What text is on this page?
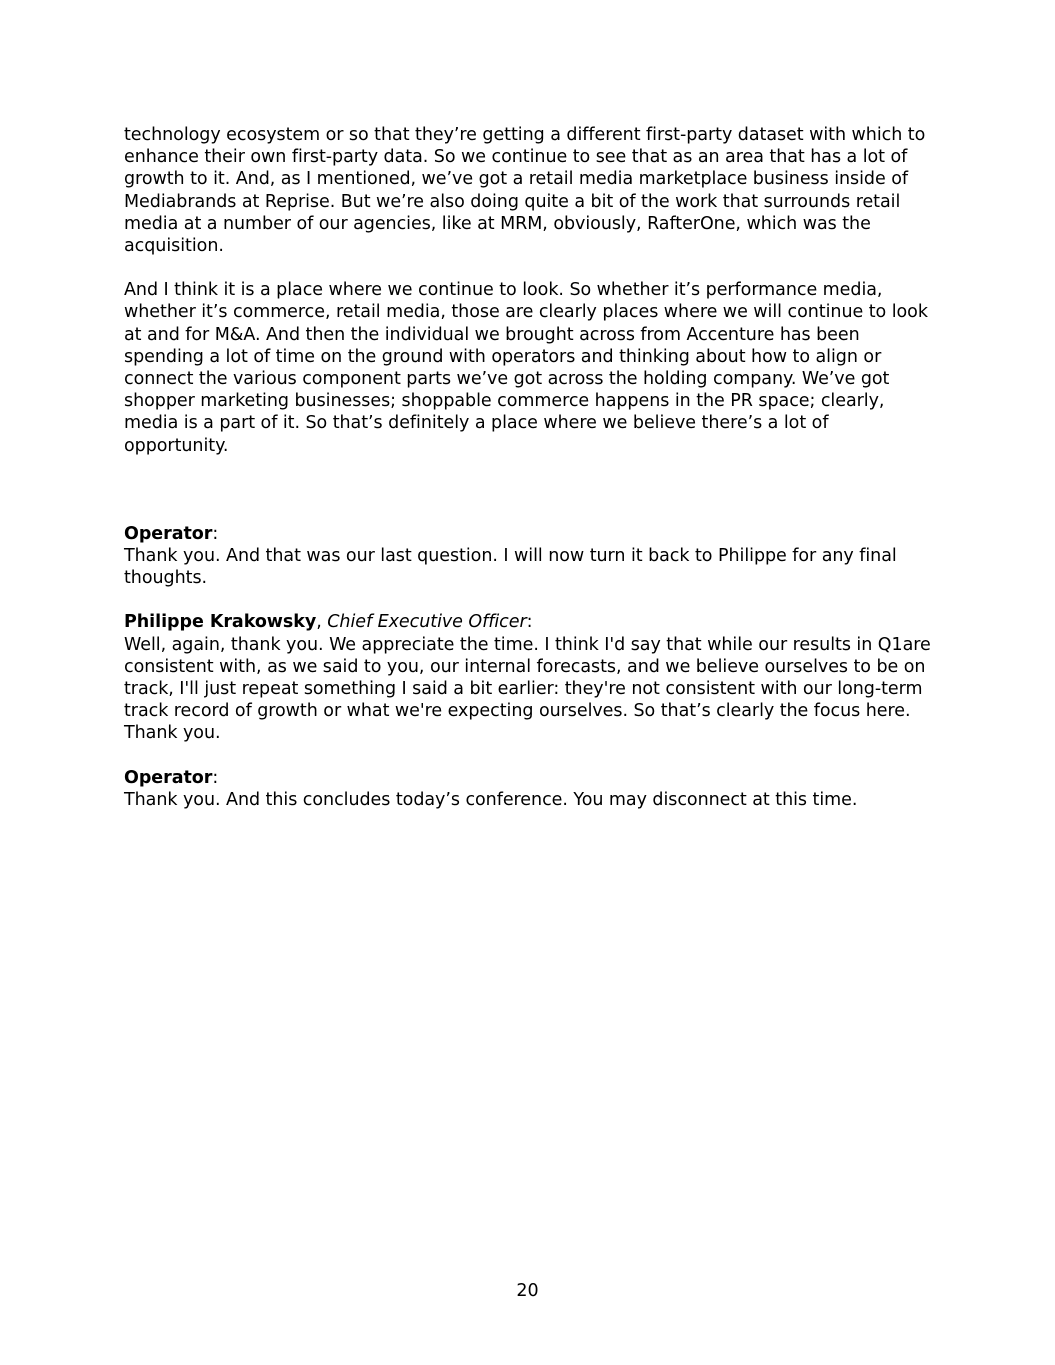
technology ecosystem or so that they’re getting a different first-party dataset with which to enhance their own first-party data. So we continue to see that as an area that has a lot of growth to it. And, as I mentioned, we’ve got a retail media marketplace business inside of Mediabrands at Reprise. But we’re also doing quite a bit of the work that surrounds retail media at a number of our agencies, like at MRM, obviously, RafterOne, which was the acquisition.

And I think it is a place where we continue to look. So whether it’s performance media, whether it’s commerce, retail media, those are clearly places where we will continue to look at and for M&A. And then the individual we brought across from Accenture has been spending a lot of time on the ground with operators and thinking about how to align or connect the various component parts we’ve got across the holding company. We’ve got shopper marketing businesses; shoppable commerce happens in the PR space; clearly, media is a part of it. So that’s definitely a place where we believe there’s a lot of opportunity.

Operator:

Thank you. And that was our last question. I will now turn it back to Philippe for any final thoughts.

Philippe Krakowsky, Chief Executive Officer:

Well, again, thank you. We appreciate the time. I think I'd say that while our results in Q1are consistent with, as we said to you, our internal forecasts, and we believe ourselves to be on track, I'll just repeat something I said a bit earlier: they're not consistent with our long-term track record of growth or what we're expecting ourselves. So that’s clearly the focus here. Thank you.

Operator:

Thank you. And this concludes today’s conference. You may disconnect at this time.

20
